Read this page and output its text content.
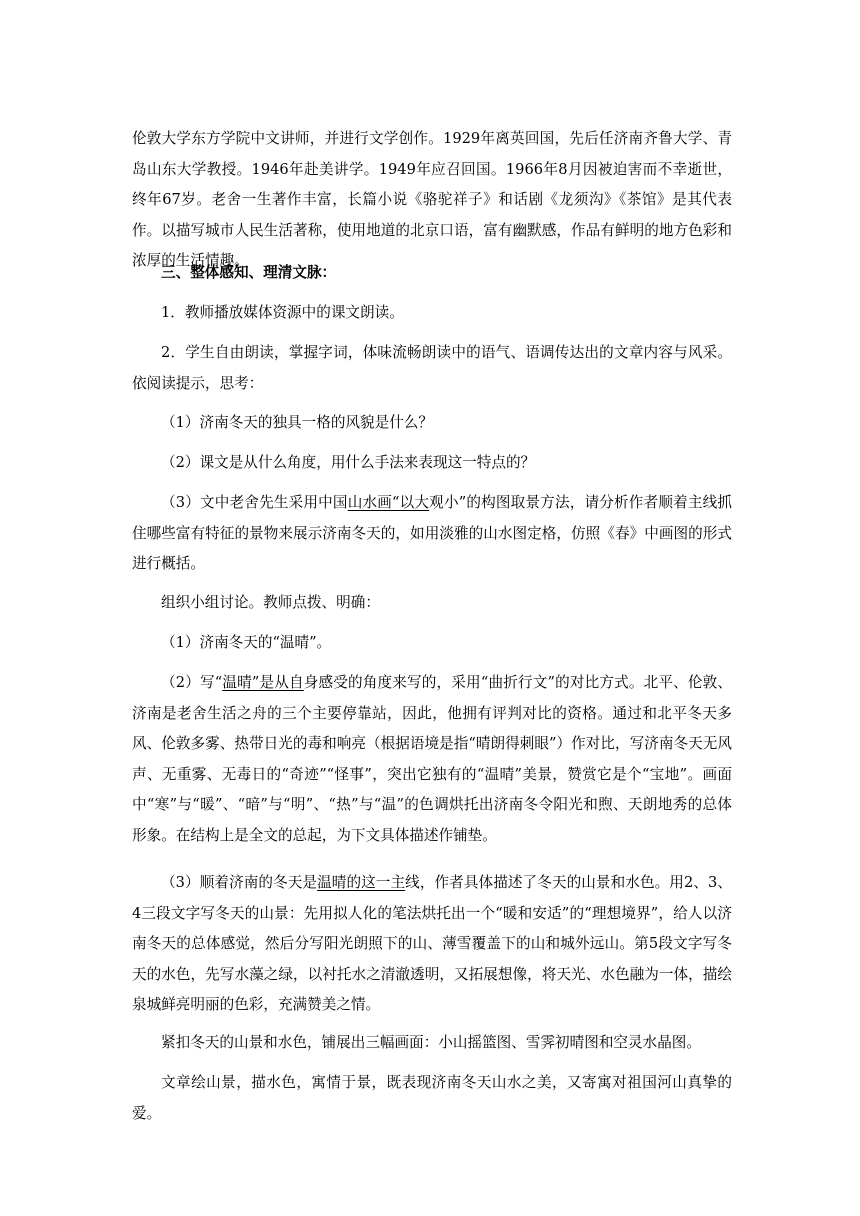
伦敦大学东方学院中文讲师，并进行文学创作。1929年离英回国，先后任济南齐鲁大学、青岛山东大学教授。1946年赴美讲学。1949年应召回国。1966年8月因被迫害而不幸逝世，终年67岁。老舍一生著作丰富，长篇小说《骆驼祥子》和话剧《龙须沟》《茶馆》是其代表作。以描写城市人民生活著称，使用地道的北京口语，富有幽默感，作品有鲜明的地方色彩和浓厚的生活情趣。

三、整体感知、理清文脉：

1．教师播放媒体资源中的课文朗读。

2．学生自由朗读，掌握字词，体味流畅朗读中的语气、语调传达出的文章内容与风采。依阅读提示，思考：

（1）济南冬天的独具一格的风貌是什么？

（2）课文是从什么角度，用什么手法来表现这一特点的？

（3）文中老舍先生采用中国山水画“以大观小”的构图取景方法，请分析作者顺着主线抓住哪些富有特征的景物来展示济南冬天的，如用淡雅的山水图定格，仿照《春》中画图的形式进行概括。

组织小组讨论。教师点拨、明确：

（1）济南冬天的“温晴”。

（2）写“温晴”是从自身感受的角度来写的，采用“曲折行文”的对比方式。北平、伦敦、济南是老舍生活之舟的三个主要停靠站，因此，他拥有评判对比的资格。通过和北平冬天多风、伦敦多雾、热带日光的毒和响亮（根据语境是指“晴朗得刺眼”）作对比，写济南冬天无风声、无重雾、无毒日的“奇迹”“怪事”，突出它独有的“温晴”美景，赞赏它是个“宝地”。画面中“寒”与“暖”、“暗”与“明”、“热”与“温”的色调烘托出济南冬令阳光和煦、天朗地秀的总体形象。在结构上是全文的总起，为下文具体描述作铺垫。

（3）顺着济南的冬天是温晴的这一主线，作者具体描述了冬天的山景和水色。用2、3、4三段文字写冬天的山景：先用拟人化的笔法烘托出一个“暖和安适”的“理想境界”，给人以济南冬天的总体感觉，然后分写阳光朗照下的山、薄雪覆盖下的山和城外远山。第5段文字写冬天的水色，先写水藻之绿，以衬托水之清澈透明，又拓展想像，将天光、水色融为一体，描绘泉城鲜亮明丽的色彩，充满赞美之情。

紧扣冬天的山景和水色，铺展出三幅画面：小山摇篮图、雪霁初晴图和空灵水晶图。

文章绘山景，描水色，寓情于景，既表现济南冬天山水之美，又寄寓对祖国河山真挚的爱。
